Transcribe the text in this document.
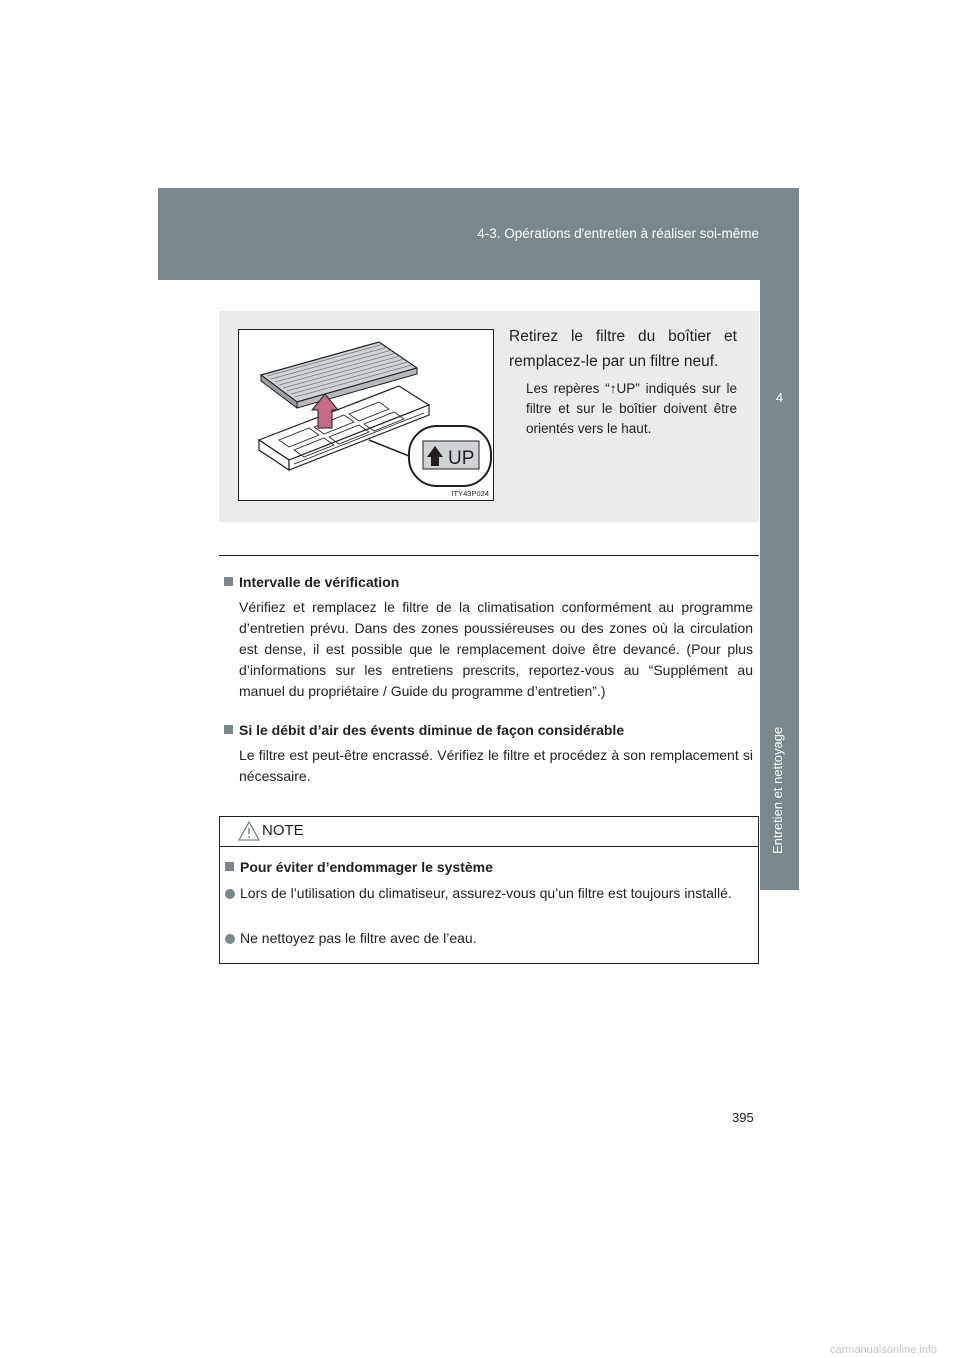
4-3. Opérations d'entretien à réaliser soi-même
4
Entretien et nettoyage
UP
ITY43P024
Retirez le filtre du boîtier et
remplacez-le par un filtre neuf.
Les repères “↑UP” indiqués sur le filtre et sur le boîtier doivent être orientés vers le haut.
Intervalle de vérification
Vérifiez et remplacez le filtre de la climatisation conformément au programme d’entretien prévu. Dans des zones poussiéreuses ou des zones où la circulation est dense, il est possible que le remplacement doive être devancé. (Pour plus d’informations sur les entretiens prescrits, reportez-vous au “Supplément au manuel du propriétaire / Guide du programme d’entretien”.)
Si le débit d’air des évents diminue de façon considérable
Le filtre est peut-être encrassé. Vérifiez le filtre et procédez à son remplacement si nécessaire.
NOTE
Pour éviter d’endommager le système
Lors de l’utilisation du climatiseur, assurez-vous qu’un filtre est toujours installé.
Ne nettoyez pas le filtre avec de l’eau.
395
carmanualsonline.info
